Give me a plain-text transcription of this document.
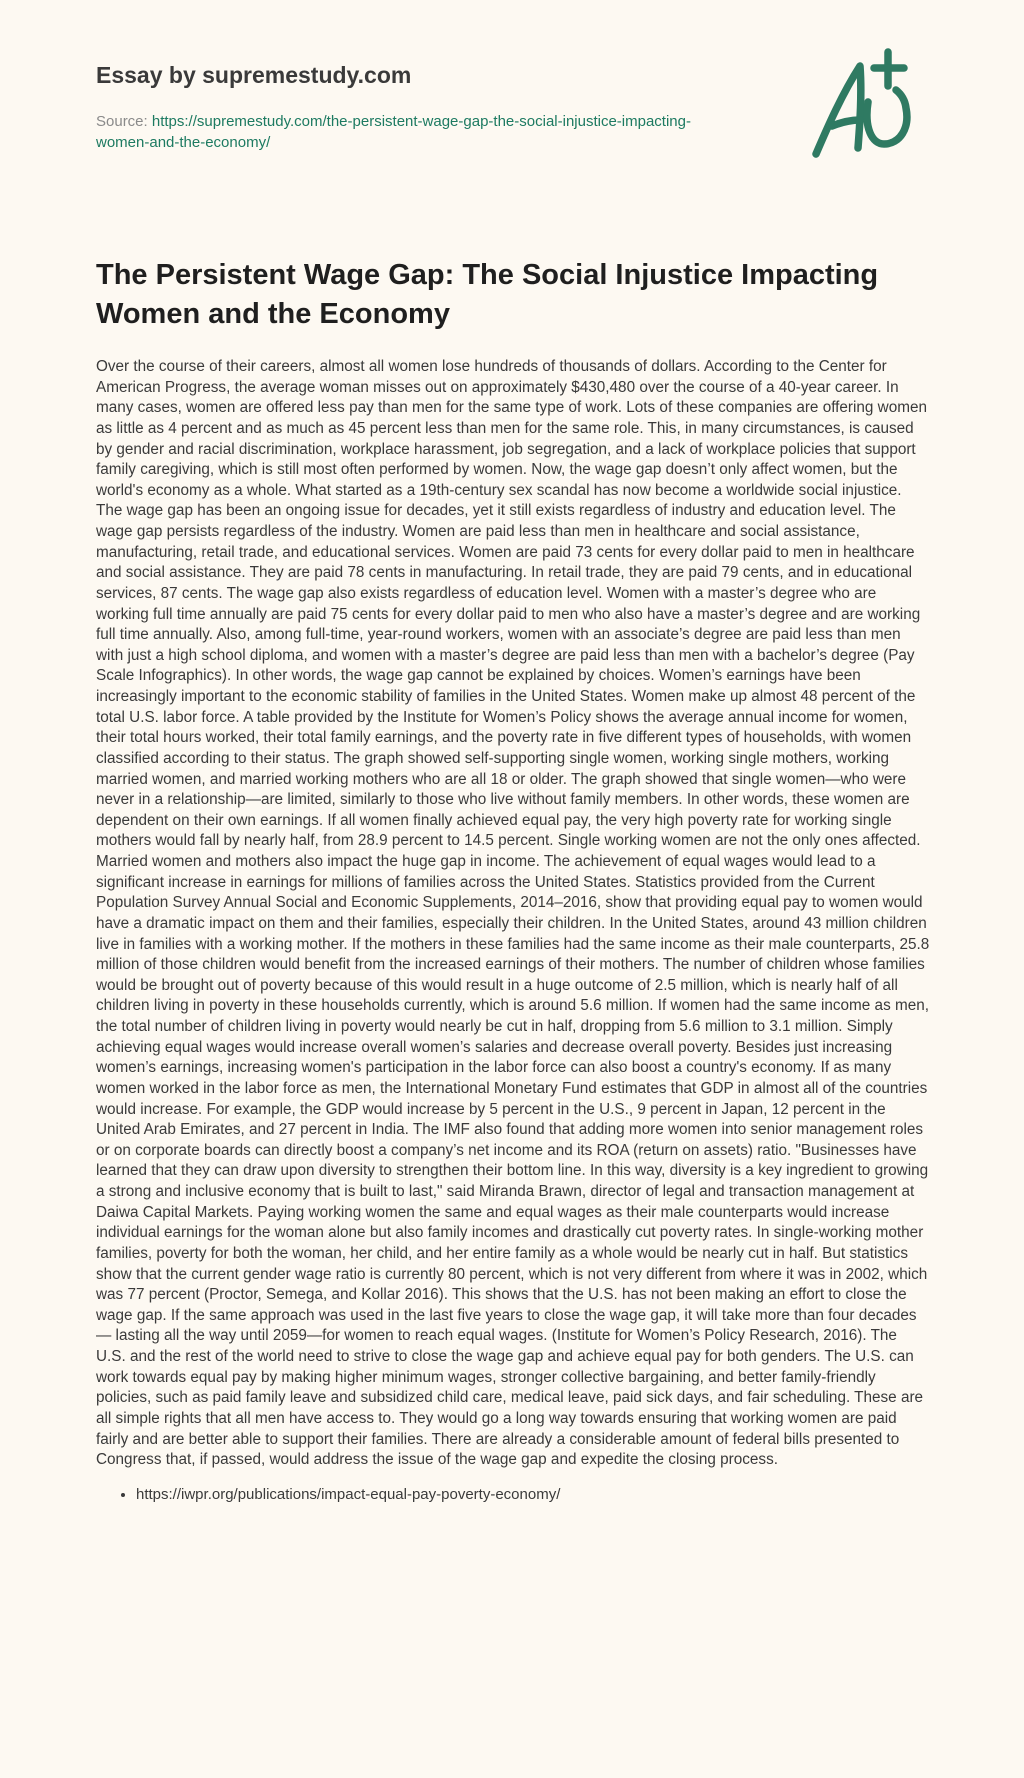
Essay by supremestudy.com
Source: https://supremestudy.com/the-persistent-wage-gap-the-social-injustice-impacting-women-and-the-economy/
The Persistent Wage Gap: The Social Injustice Impacting Women and the Economy

Over the course of their careers, almost all women lose hundreds of thousands of dollars. According to the Center for American Progress, the average woman misses out on approximately $430,480 over the course of a 40-year career. In many cases, women are offered less pay than men for the same type of work. Lots of these companies are offering women as little as 4 percent and as much as 45 percent less than men for the same role. This, in many circumstances, is caused by gender and racial discrimination, workplace harassment, job segregation, and a lack of workplace policies that support family caregiving, which is still most often performed by women. Now, the wage gap doesn’t only affect women, but the world's economy as a whole. What started as a 19th-century sex scandal has now become a worldwide social injustice. The wage gap has been an ongoing issue for decades, yet it still exists regardless of industry and education level. The wage gap persists regardless of the industry. Women are paid less than men in healthcare and social assistance, manufacturing, retail trade, and educational services. Women are paid 73 cents for every dollar paid to men in healthcare and social assistance. They are paid 78 cents in manufacturing. In retail trade, they are paid 79 cents, and in educational services, 87 cents. The wage gap also exists regardless of education level. Women with a master’s degree who are working full time annually are paid 75 cents for every dollar paid to men who also have a master’s degree and are working full time annually. Also, among full-time, year-round workers, women with an associate’s degree are paid less than men with just a high school diploma, and women with a master’s degree are paid less than men with a bachelor’s degree (Pay Scale Infographics). In other words, the wage gap cannot be explained by choices. Women’s earnings have been increasingly important to the economic stability of families in the United States. Women make up almost 48 percent of the total U.S. labor force. A table provided by the Institute for Women’s Policy shows the average annual income for women, their total hours worked, their total family earnings, and the poverty rate in five different types of households, with women classified according to their status. The graph showed self-supporting single women, working single mothers, working married women, and married working mothers who are all 18 or older. The graph showed that single women—who were never in a relationship—are limited, similarly to those who live without family members. In other words, these women are dependent on their own earnings. If all women finally achieved equal pay, the very high poverty rate for working single mothers would fall by nearly half, from 28.9 percent to 14.5 percent. Single working women are not the only ones affected. Married women and mothers also impact the huge gap in income. The achievement of equal wages would lead to a significant increase in earnings for millions of families across the United States. Statistics provided from the Current Population Survey Annual Social and Economic Supplements, 2014–2016, show that providing equal pay to women would have a dramatic impact on them and their families, especially their children. In the United States, around 43 million children live in families with a working mother. If the mothers in these families had the same income as their male counterparts, 25.8 million of those children would benefit from the increased earnings of their mothers. The number of children whose families would be brought out of poverty because of this would result in a huge outcome of 2.5 million, which is nearly half of all children living in poverty in these households currently, which is around 5.6 million. If women had the same income as men, the total number of children living in poverty would nearly be cut in half, dropping from 5.6 million to 3.1 million. Simply achieving equal wages would increase overall women’s salaries and decrease overall poverty. Besides just increasing women’s earnings, increasing women's participation in the labor force can also boost a country's economy. If as many women worked in the labor force as men, the International Monetary Fund estimates that GDP in almost all of the countries would increase. For example, the GDP would increase by 5 percent in the U.S., 9 percent in Japan, 12 percent in the United Arab Emirates, and 27 percent in India. The IMF also found that adding more women into senior management roles or on corporate boards can directly boost a company’s net income and its ROA (return on assets) ratio. "Businesses have learned that they can draw upon diversity to strengthen their bottom line. In this way, diversity is a key ingredient to growing a strong and inclusive economy that is built to last," said Miranda Brawn, director of legal and transaction management at Daiwa Capital Markets. Paying working women the same and equal wages as their male counterparts would increase individual earnings for the woman alone but also family incomes and drastically cut poverty rates. In single-working mother families, poverty for both the woman, her child, and her entire family as a whole would be nearly cut in half. But statistics show that the current gender wage ratio is currently 80 percent, which is not very different from where it was in 2002, which was 77 percent (Proctor, Semega, and Kollar 2016). This shows that the U.S. has not been making an effort to close the wage gap. If the same approach was used in the last five years to close the wage gap, it will take more than four decades— lasting all the way until 2059—for women to reach equal wages. (Institute for Women’s Policy Research, 2016). The U.S. and the rest of the world need to strive to close the wage gap and achieve equal pay for both genders. The U.S. can work towards equal pay by making higher minimum wages, stronger collective bargaining, and better family-friendly policies, such as paid family leave and subsidized child care, medical leave, paid sick days, and fair scheduling. These are all simple rights that all men have access to. They would go a long way towards ensuring that working women are paid fairly and are better able to support their families. There are already a considerable amount of federal bills presented to Congress that, if passed, would address the issue of the wage gap and expedite the closing process.

• https://iwpr.org/publications/impact-equal-pay-poverty-economy/
